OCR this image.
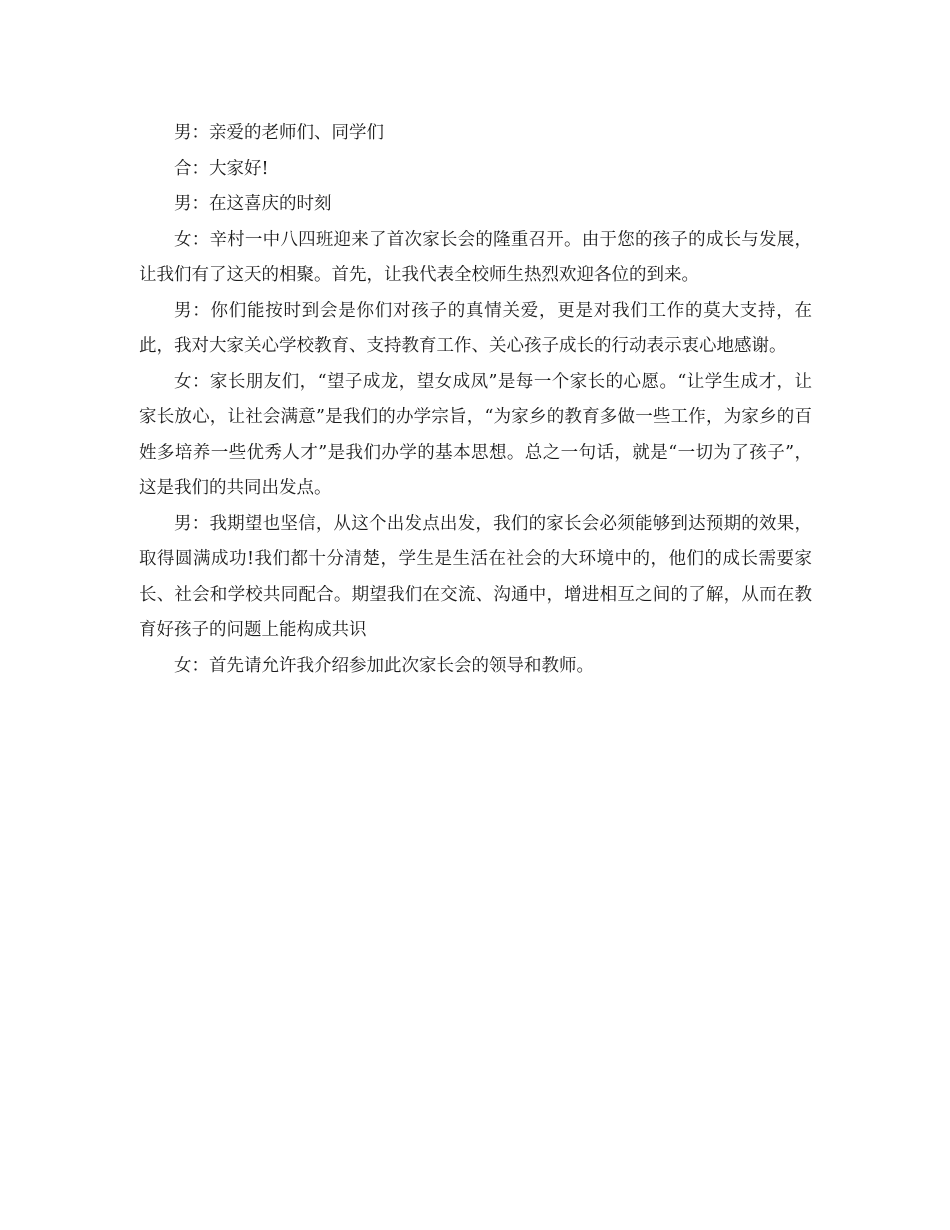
男：亲爱的老师们、同学们

合：大家好!

男：在这喜庆的时刻

女：辛村一中八四班迎来了首次家长会的隆重召开。由于您的孩子的成长与发展，让我们有了这天的相聚。首先，让我代表全校师生热烈欢迎各位的到来。

男：你们能按时到会是你们对孩子的真情关爱，更是对我们工作的莫大支持，在此，我对大家关心学校教育、支持教育工作、关心孩子成长的行动表示衷心地感谢。

女：家长朋友们，“望子成龙，望女成凤”是每一个家长的心愿。“让学生成才，让家长放心，让社会满意”是我们的办学宗旨，“为家乡的教育多做一些工作，为家乡的百姓多培养一些优秀人才”是我们办学的基本思想。总之一句话，就是“一切为了孩子”，这是我们的共同出发点。

男：我期望也坚信，从这个出发点出发，我们的家长会必须能够到达预期的效果，取得圆满成功!我们都十分清楚，学生是生活在社会的大环境中的，他们的成长需要家长、社会和学校共同配合。期望我们在交流、沟通中，增进相互之间的了解，从而在教育好孩子的问题上能构成共识

女：首先请允许我介绍参加此次家长会的领导和教师。
